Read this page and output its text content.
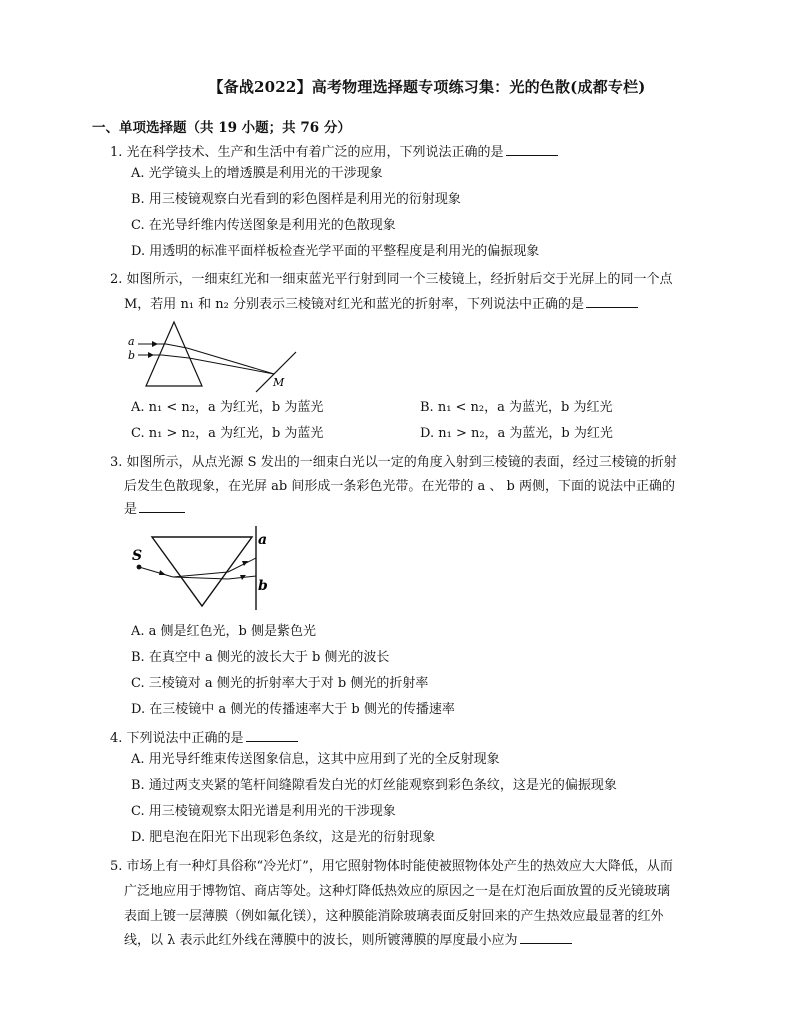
【备战2022】高考物理选择题专项练习集：光的色散(成都专栏)
一、单项选择题（共 19 小题；共 76 分）
1. 光在科学技术、生产和生活中有着广泛的应用，下列说法正确的是
A. 光学镜头上的增透膜是利用光的干涉现象
B. 用三棱镜观察白光看到的彩色图样是利用光的衍射现象
C. 在光导纤维内传送图象是利用光的色散现象
D. 用透明的标准平面样板检查光学平面的平整程度是利用光的偏振现象
2. 如图所示，一细束红光和一细束蓝光平行射到同一个三棱镜上，经折射后交于光屏上的同一个点
M，若用 n₁ 和 n₂ 分别表示三棱镜对红光和蓝光的折射率，下列说法中正确的是
a
b
M
A. n₁ < n₂，a 为红光，b 为蓝光	B. n₁ < n₂，a 为蓝光，b 为红光
C. n₁ > n₂，a 为红光，b 为蓝光	D. n₁ > n₂，a 为蓝光，b 为红光
3. 如图所示，从点光源 S 发出的一细束白光以一定的角度入射到三棱镜的表面，经过三棱镜的折射
后发生色散现象，在光屏 ab 间形成一条彩色光带。在光带的 a 、 b 两侧，下面的说法中正确的
是
S
a
b
A. a 侧是红色光，b 侧是紫色光
B. 在真空中 a 侧光的波长大于 b 侧光的波长
C. 三棱镜对 a 侧光的折射率大于对 b 侧光的折射率
D. 在三棱镜中 a 侧光的传播速率大于 b 侧光的传播速率
4. 下列说法中正确的是
A. 用光导纤维束传送图象信息，这其中应用到了光的全反射现象
B. 通过两支夹紧的笔杆间缝隙看发白光的灯丝能观察到彩色条纹，这是光的偏振现象
C. 用三棱镜观察太阳光谱是利用光的干涉现象
D. 肥皂泡在阳光下出现彩色条纹，这是光的衍射现象
5. 市场上有一种灯具俗称“冷光灯”，用它照射物体时能使被照物体处产生的热效应大大降低，从而
广泛地应用于博物馆、商店等处。这种灯降低热效应的原因之一是在灯泡后面放置的反光镜玻璃
表面上镀一层薄膜（例如氟化镁），这种膜能消除玻璃表面反射回来的产生热效应最显著的红外
线，以 λ 表示此红外线在薄膜中的波长，则所镀薄膜的厚度最小应为
